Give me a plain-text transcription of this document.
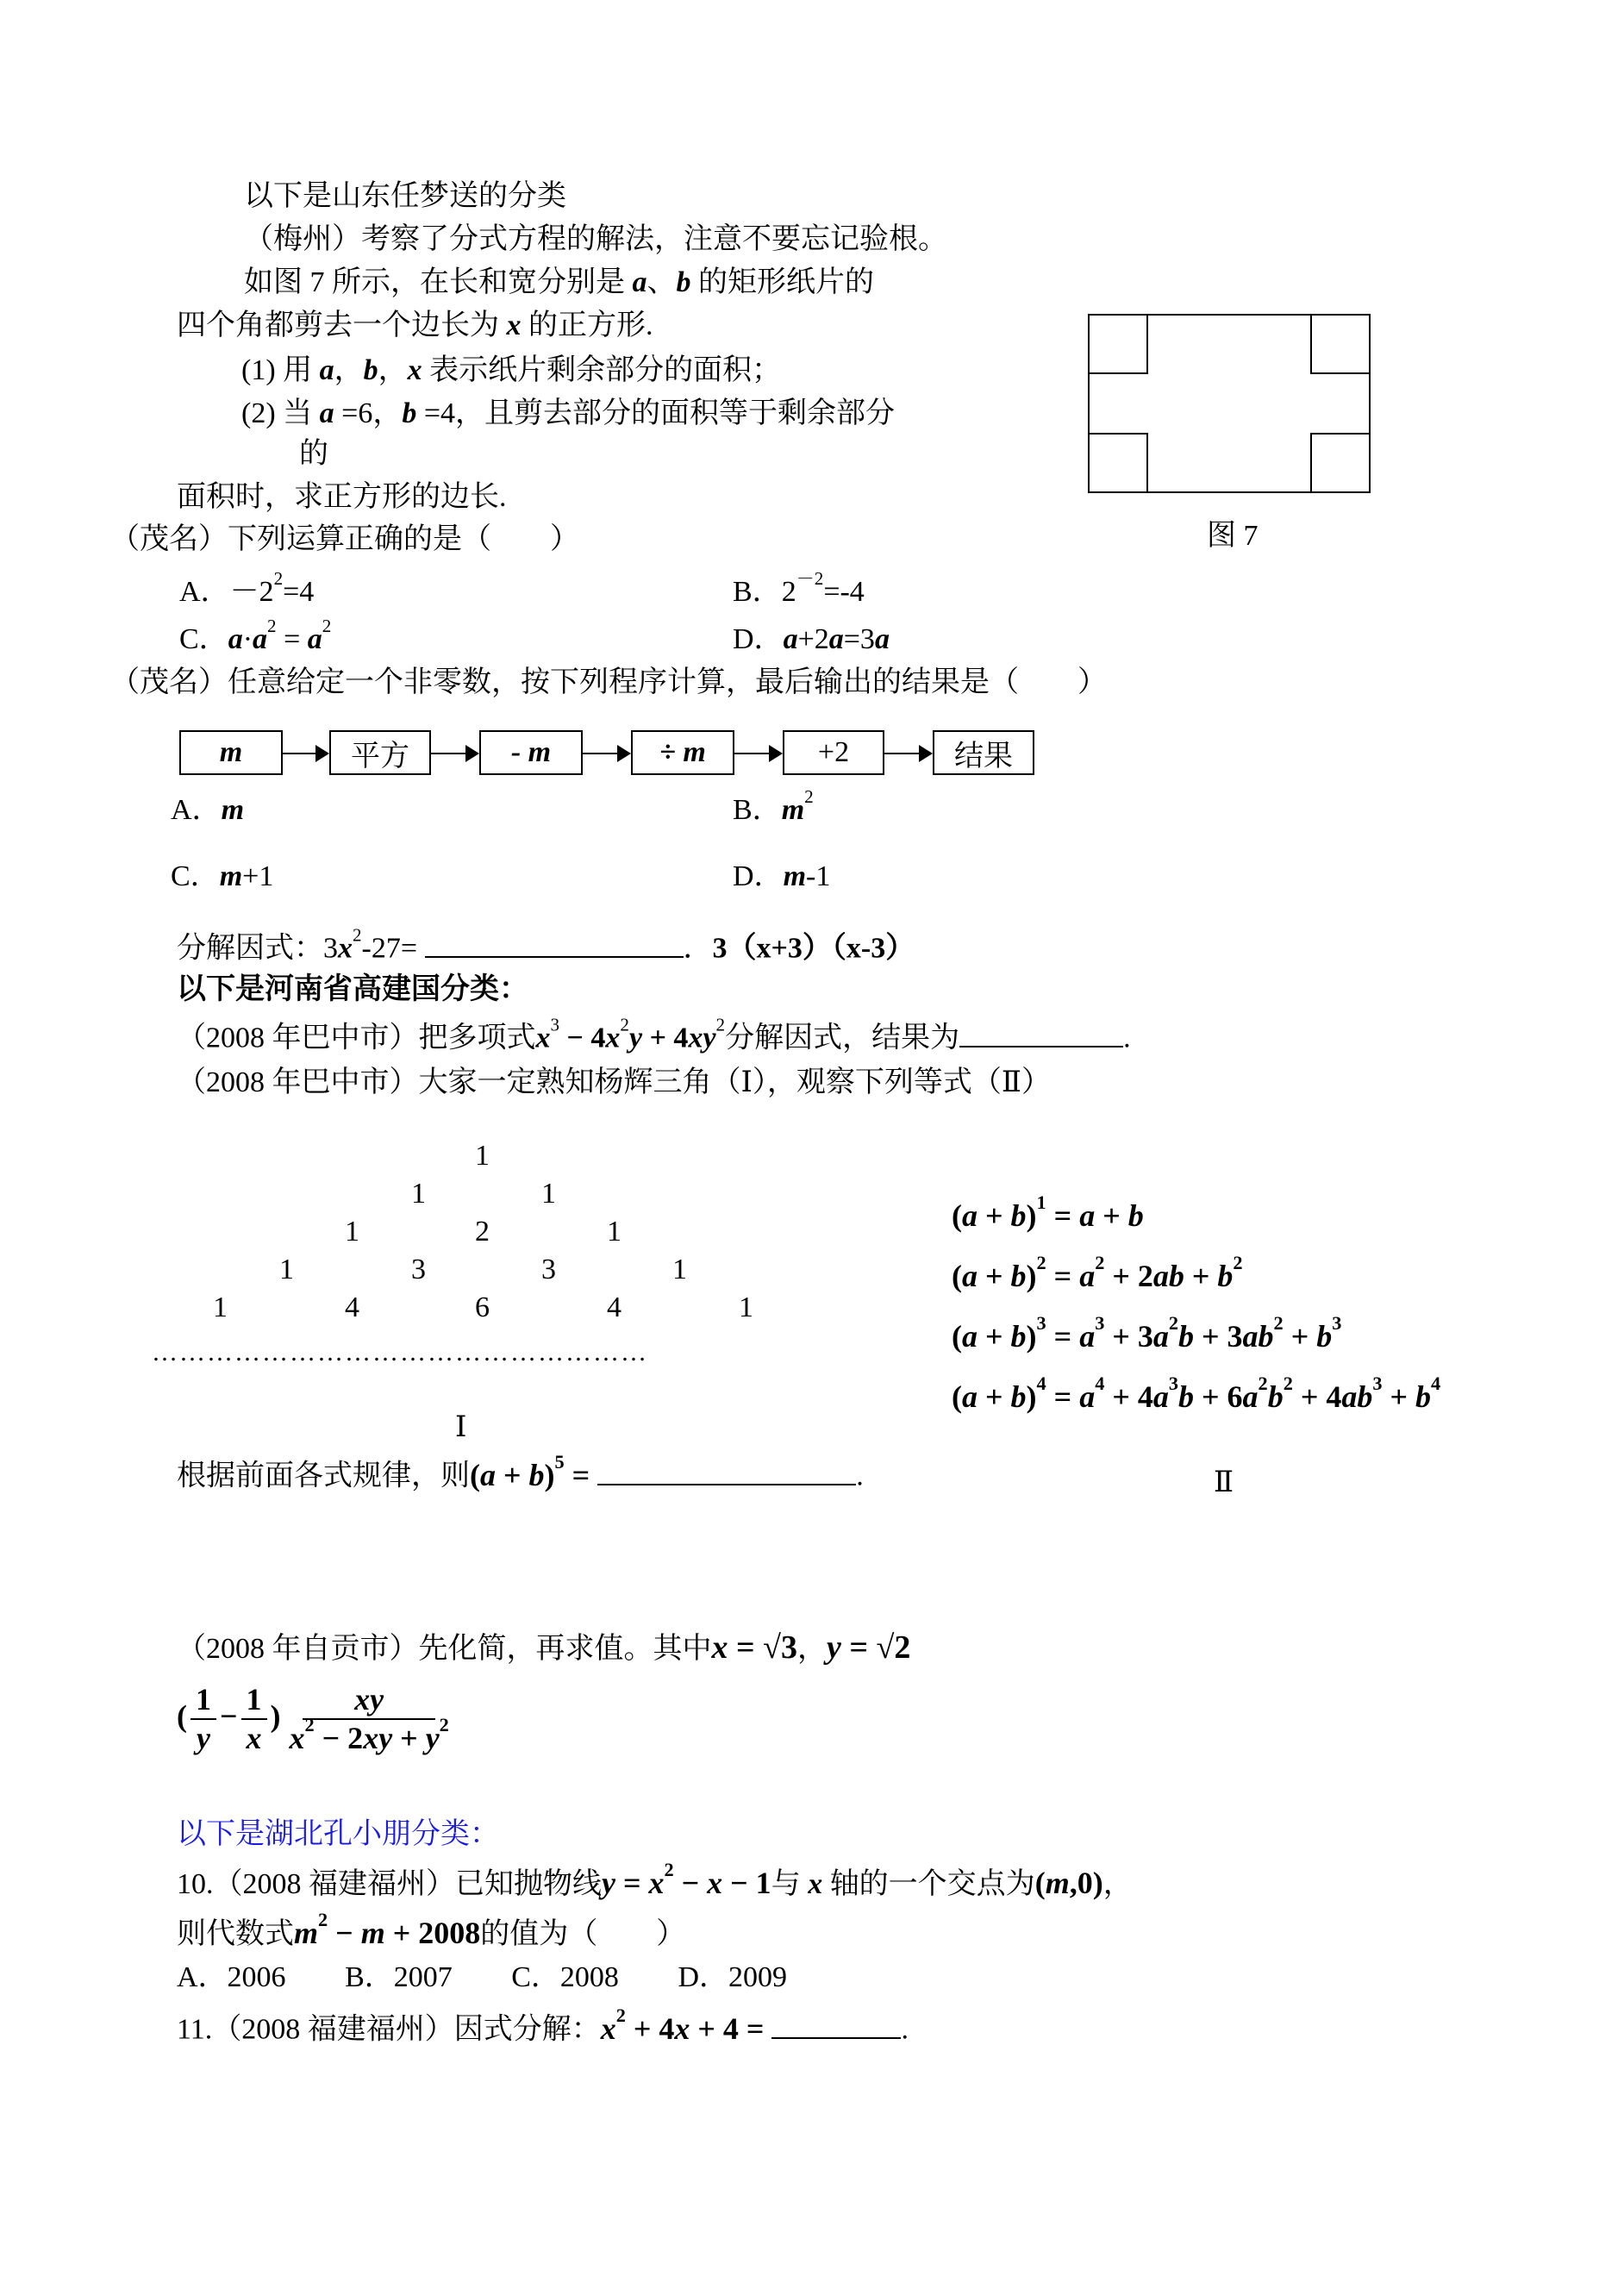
以下是山东任梦送的分类
（梅州）考察了分式方程的解法，注意不要忘记验根。
如图 7 所示，在长和宽分别是 a、b 的矩形纸片的
四个角都剪去一个边长为 x 的正方形.
(1) 用 a，b，x 表示纸片剩余部分的面积；
(2) 当 a =6，b =4，且剪去部分的面积等于剩余部分
的
面积时，求正方形的边长.
图 7
（茂名）下列运算正确的是（　　）
A．$-2^2=4$	B．$2^{-2}=-4$
C．$a\cdot a^2 = a^2$	D．a+2a=3a
（茂名）任意给定一个非零数，按下列程序计算，最后输出的结果是（　　）
m	平方	- m	÷ m	+2	结果
A．m	B．$m^2$
C．m+1	D．m-1
分解因式：$3x^2-27=$	．3（x+3）（x-3）
以下是河南省高建国分类：
（2008 年巴中市）把多项式$x^3 - 4x^2y + 4xy^2$分解因式，结果为	.
（2008 年巴中市）大家一定熟知杨辉三角（Ⅰ），观察下列等式（Ⅱ）
1
1	1
1	2	1
1	3	3	1
1	4	6	4	1
………………………………………………
Ⅰ
$(a + b)^1 = a + b$
$(a + b)^2 = a^2 + 2ab + b^2$
$(a + b)^3 = a^3 + 3a^2b + 3ab^2 + b^3$
$(a + b)^4 = a^4 + 4a^3b + 6a^2b^2 + 4ab^3 + b^4$
Ⅱ
根据前面各式规律，则$(a + b)^5$ =	.
（2008 年自贡市）先化简，再求值。其中x = √3，y = √2
( $\frac{1}{y} - \frac{1}{x}$ ) $\frac{xy}{x^2 - 2xy + y^2}$
以下是湖北孔小朋分类：
10.（2008 福建福州）已知抛物线$y = x^2 - x - 1$与 x 轴的一个交点为(m,0)，
则代数式$m^2 - m + 2008$的值为（　　）
A．2006 B．2007 C．2008 D．2009
11.（2008 福建福州）因式分解：$x^2 + 4x + 4$ =	.
